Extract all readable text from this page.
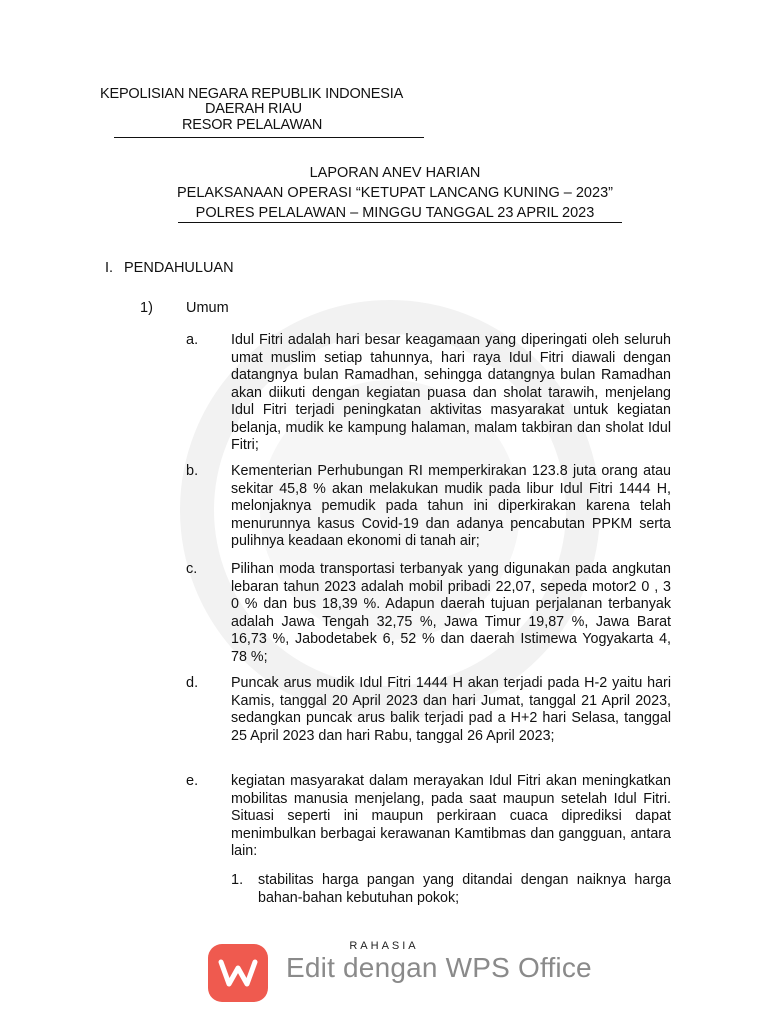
KEPOLISIAN NEGARA REPUBLIK INDONESIA
DAERAH RIAU
RESOR PELALAWAN
LAPORAN ANEV HARIAN
PELAKSANAAN OPERASI “KETUPAT LANCANG KUNING – 2023”
POLRES PELALAWAN – MINGGU TANGGAL 23 APRIL 2023
I. PENDAHULUAN
1) Umum
a. Idul Fitri adalah hari besar keagamaan yang diperingati oleh seluruh umat muslim setiap tahunnya, hari raya Idul Fitri diawali dengan datangnya bulan Ramadhan, sehingga datangnya bulan Ramadhan akan diikuti dengan kegiatan puasa dan sholat tarawih, menjelang Idul Fitri terjadi peningkatan aktivitas masyarakat untuk kegiatan belanja, mudik ke kampung halaman, malam takbiran dan sholat Idul Fitri;
b. Kementerian Perhubungan RI memperkirakan 123.8 juta orang atau sekitar 45,8 % akan melakukan mudik pada libur Idul Fitri 1444 H, melonjaknya pemudik pada tahun ini diperkirakan karena telah menurunnya kasus Covid-19 dan adanya pencabutan PPKM serta pulihnya keadaan ekonomi di tanah air;
c. Pilihan moda transportasi terbanyak yang digunakan pada angkutan lebaran tahun 2023 adalah mobil pribadi 22,07, sepeda motor2 0 , 3 0 % dan bus 18,39 %. Adapun daerah tujuan perjalanan terbanyak adalah Jawa Tengah 32,75 %, Jawa Timur 19,87 %, Jawa Barat 16,73 %, Jabodetabek 6, 52 % dan daerah Istimewa Yogyakarta 4, 78 %;
d. Puncak arus mudik Idul Fitri 1444 H akan terjadi pada H-2 yaitu hari Kamis, tanggal 20 April 2023 dan hari Jumat, tanggal 21 April 2023, sedangkan puncak arus balik terjadi pad a H+2 hari Selasa, tanggal 25 April 2023 dan hari Rabu, tanggal 26 April 2023;
e. kegiatan masyarakat dalam merayakan Idul Fitri akan meningkatkan mobilitas manusia menjelang, pada saat maupun setelah Idul Fitri. Situasi seperti ini maupun perkiraan cuaca diprediksi dapat menimbulkan berbagai kerawanan Kamtibmas dan gangguan, antara lain:
1. stabilitas harga pangan yang ditandai dengan naiknya harga bahan-bahan kebutuhan pokok;
RAHASIA
Edit dengan WPS Office
